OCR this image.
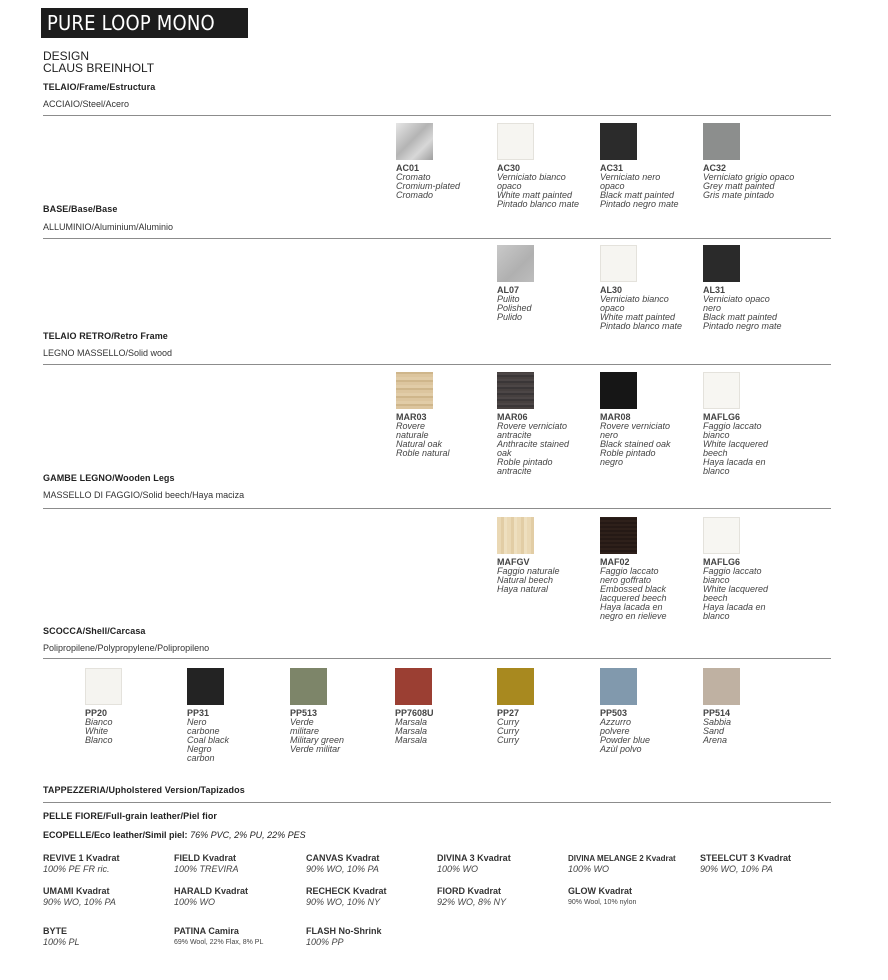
PURE LOOP MONO
DESIGN
CLAUS BREINHOLT
TELAIO/Frame/Estructura
ACCIAIO/Steel/Acero
AC01
Cromato
Cromium-plated
Cromado
AC30
Verniciato bianco
opaco
White matt painted
Pintado blanco mate
AC31
Verniciato nero
opaco
Black matt painted
Pintado negro mate
AC32
Verniciato grigio opaco
Grey matt painted
Gris mate pintado
BASE/Base/Base
ALLUMINIO/Aluminium/Aluminio
AL07
Pulito
Polished
Pulido
AL30
Verniciato bianco
opaco
White matt painted
Pintado blanco mate
AL31
Verniciato opaco
nero
Black matt painted
Pintado negro mate
TELAIO RETRO/Retro Frame
LEGNO MASSELLO/Solid wood
MAR03
Rovere
naturale
Natural oak
Roble natural
MAR06
Rovere verniciato
antracite
Anthracite stained
oak
Roble pintado
antracite
MAR08
Rovere verniciato
nero
Black stained oak
Roble pintado
negro
MAFLG6
Faggio laccato
bianco
White lacquered
beech
Haya lacada en
blanco
GAMBE LEGNO/Wooden Legs
MASSELLO DI FAGGIO/Solid beech/Haya maciza
MAFGV
Faggio naturale
Natural beech
Haya natural
MAF02
Faggio laccato
nero goffrato
Embossed black
lacquered beech
Haya lacada en
negro en rielieve
MAFLG6
Faggio laccato
bianco
White lacquered
beech
Haya lacada en
blanco
SCOCCA/Shell/Carcasa
Polipropilene/Polypropylene/Polipropileno
PP20
Bianco
White
Blanco
PP31
Nero
carbone
Coal black
Negro
carbon
PP513
Verde
militare
Military green
Verde militar
PP7608U
Marsala
Marsala
Marsala
PP27
Curry
Curry
Curry
PP503
Azzurro
polvere
Powder blue
Azùl polvo
PP514
Sabbia
Sand
Arena
TAPPEZZERIA/Upholstered Version/Tapizados
PELLE FIORE/Full-grain leather/Piel fior
ECOPELLE/Eco leather/Simil piel: 76% PVC, 2% PU, 22% PES
REVIVE 1 Kvadrat
100% PE FR ric.
FIELD Kvadrat
100% TREVIRA
CANVAS Kvadrat
90% WO, 10% PA
DIVINA 3 Kvadrat
100% WO
DIVINA MELANGE 2 Kvadrat
100% WO
STEELCUT 3 Kvadrat
90% WO, 10% PA
UMAMI Kvadrat
90% WO, 10% PA
HARALD Kvadrat
100% WO
RECHECK Kvadrat
90% WO, 10% NY
FIORD Kvadrat
92% WO, 8% NY
GLOW Kvadrat
90% Wool, 10% nylon
BYTE
100% PL
PATINA Camira
69% Wool, 22% Flax, 8% PL
FLASH No-Shrink
100% PP
